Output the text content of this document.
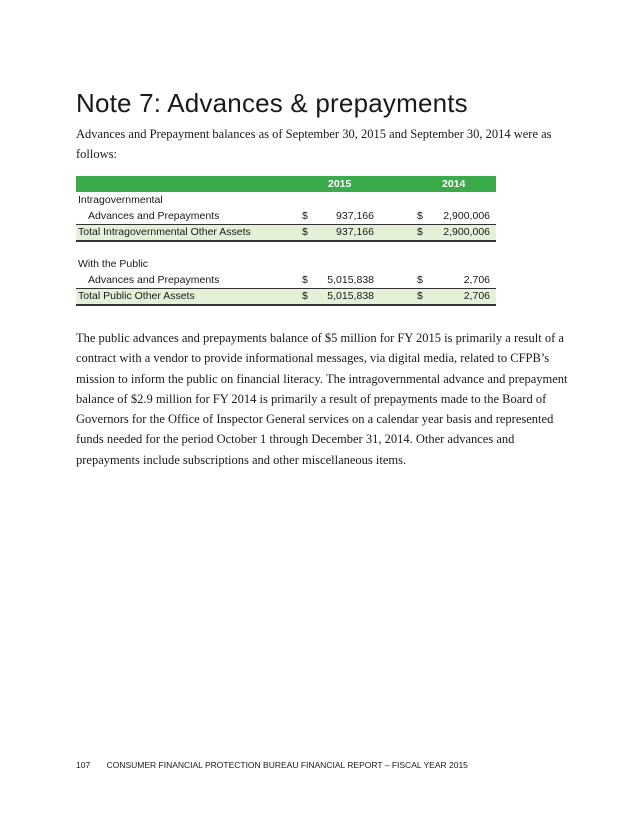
Note 7: Advances & prepayments

Advances and Prepayment balances as of September 30, 2015 and September 30, 2014 were as follows:

2015	2014
Intragovernmental
Advances and Prepayments	$	937,166	$ 2,900,006
Total Intragovernmental Other Assets	$	937,166	$ 2,900,006
With the Public
Advances and Prepayments	$ 5,015,838	$	2,706
Total Public Other Assets	$ 5,015,838	$	2,706

The public advances and prepayments balance of $5 million for FY 2015 is primarily a result of a contract with a vendor to provide informational messages, via digital media, related to CFPB’s mission to inform the public on financial literacy. The intragovernmental advance and prepayment balance of $2.9 million for FY 2014 is primarily a result of prepayments made to the Board of Governors for the Office of Inspector General services on a calendar year basis and represented funds needed for the period October 1 through December 31, 2014. Other advances and prepayments include subscriptions and other miscellaneous items.

107 CONSUMER FINANCIAL PROTECTION BUREAU FINANCIAL REPORT – FISCAL YEAR 2015
